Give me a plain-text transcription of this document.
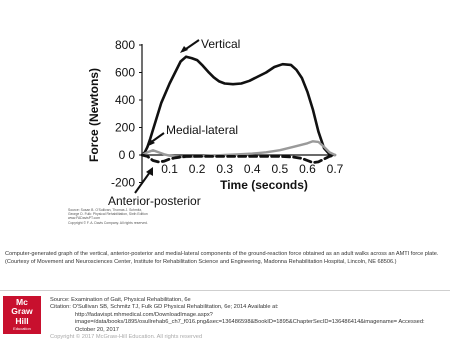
800
600
400
200
0
-200
0
0.1 0.2 0.3 0.4 0.5 0.6 0.7
Force (Newtons)
Time (seconds)
Vertical
Medial-lateral
Anterior-posterior
Source: Susan B. O'Sullivan, Thomas J. Schmitz,
George D. Fulk: Physical Rehabilitation, Sixth Edition
www.FADavisPT.com
Copyright © F. A. Davis Company. All rights reserved.
Computer-generated graph of the vertical, anterior-posterior and medial-lateral components of the ground-reaction force obtained as an adult walks across an AMTI force plate. (Courtesy of Movement and Neurosciences Center, Institute for Rehabilitation Science and Engineering, Madonna Rehabilitation Hospital, Lincoln, NE 68506.)
Mc
Graw
Hill
Education
Source: Examination of Gait, Physical Rehabilitation, 6e
Citation: O'Sullivan SB, Schmitz TJ, Fulk GD Physical Rehabilitation, 6e; 2014 Available at:
http://fadavispt.mhmedical.com/DownloadImage.aspx?image=/data/books/1895/osullrehab6_ch7_f016.png&sec=136486598&BookID=1895&ChapterSecID=136486414&imagename= Accessed: October 20, 2017
Copyright © 2017 McGraw-Hill Education. All rights reserved
